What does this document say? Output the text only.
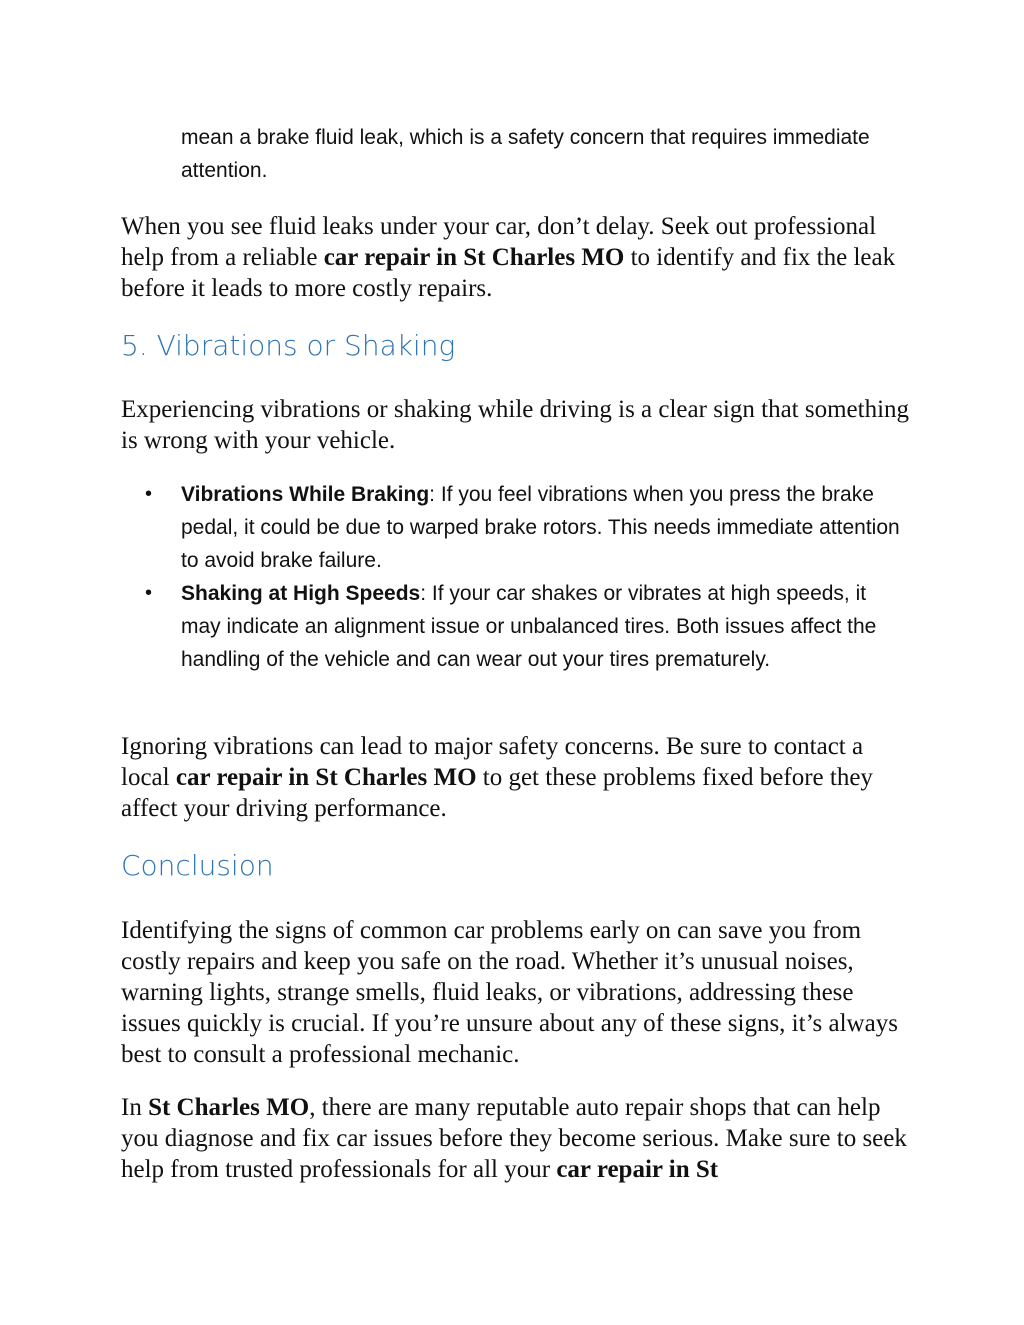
mean a brake fluid leak, which is a safety concern that requires immediate attention.

When you see fluid leaks under your car, don’t delay. Seek out professional help from a reliable car repair in St Charles MO to identify and fix the leak before it leads to more costly repairs.

5. Vibrations or Shaking

Experiencing vibrations or shaking while driving is a clear sign that something is wrong with your vehicle.

• Vibrations While Braking: If you feel vibrations when you press the brake pedal, it could be due to warped brake rotors. This needs immediate attention to avoid brake failure.
• Shaking at High Speeds: If your car shakes or vibrates at high speeds, it may indicate an alignment issue or unbalanced tires. Both issues affect the handling of the vehicle and can wear out your tires prematurely.

Ignoring vibrations can lead to major safety concerns. Be sure to contact a local car repair in St Charles MO to get these problems fixed before they affect your driving performance.

Conclusion

Identifying the signs of common car problems early on can save you from costly repairs and keep you safe on the road. Whether it’s unusual noises, warning lights, strange smells, fluid leaks, or vibrations, addressing these issues quickly is crucial. If you’re unsure about any of these signs, it’s always best to consult a professional mechanic.

In St Charles MO, there are many reputable auto repair shops that can help you diagnose and fix car issues before they become serious. Make sure to seek help from trusted professionals for all your car repair in St
